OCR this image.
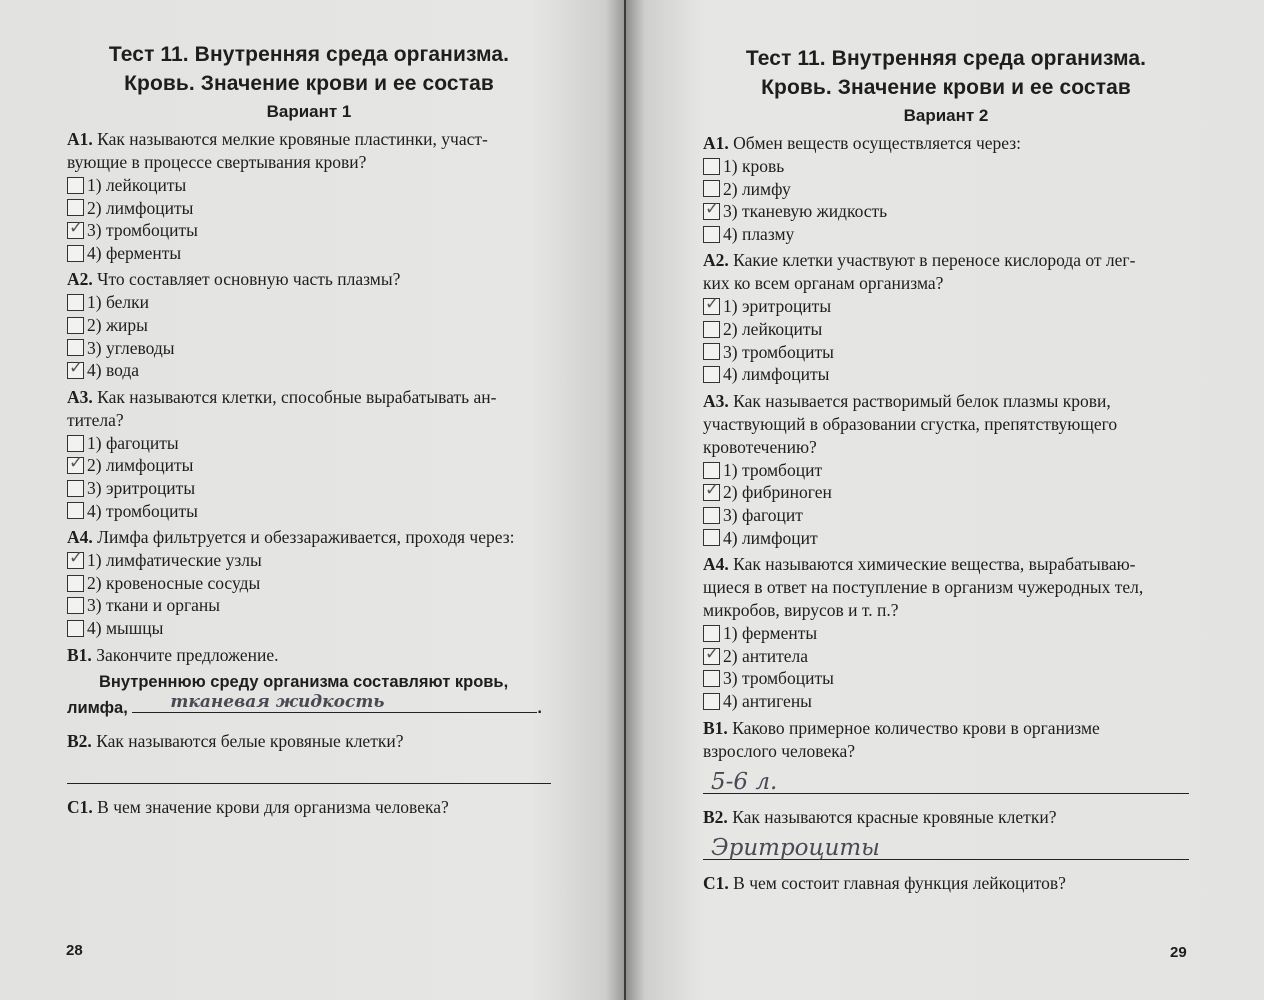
Тест 11. Внутренняя среда организма.
Кровь. Значение крови и ее состав
Вариант 1
А1. Как называются мелкие кровяные пластинки, участ-
вующие в процессе свертывания крови?
1) лейкоциты
2) лимфоциты
✓ 3) тромбоциты
4) ферменты
А2. Что составляет основную часть плазмы?
1) белки
2) жиры
3) углеводы
✓ 4) вода
А3. Как называются клетки, способные вырабатывать ан-
титела?
1) фагоциты
✓ 2) лимфоциты
3) эритроциты
4) тромбоциты
А4. Лимфа фильтруется и обеззараживается, проходя через:
✓ 1) лимфатические узлы
2) кровеносные сосуды
3) ткани и органы
4) мышцы
В1. Закончите предложение.
Внутреннюю среду организма составляют кровь, лимфа,	тканевая жидкость	.
В2. Как называются белые кровяные клетки?
С1. В чем значение крови для организма человека?
28
Тест 11. Внутренняя среда организма.
Кровь. Значение крови и ее состав
Вариант 2
А1. Обмен веществ осуществляется через:
1) кровь
2) лимфу
✓ 3) тканевую жидкость
4) плазму
А2. Какие клетки участвуют в переносе кислорода от лег-
ких ко всем органам организма?
✓ 1) эритроциты
2) лейкоциты
3) тромбоциты
4) лимфоциты
А3. Как называется растворимый белок плазмы крови,
участвующий в образовании сгустка, препятствующего
кровотечению?
1) тромбоцит
✓ 2) фибриноген
3) фагоцит
4) лимфоцит
А4. Как называются химические вещества, вырабатываю-
щиеся в ответ на поступление в организм чужеродных тел,
микробов, вирусов и т. п.?
1) ферменты
✓ 2) антитела
3) тромбоциты
4) антигены
В1. Каково примерное количество крови в организме
взрослого человека?
5-6 л.
В2. Как называются красные кровяные клетки?
Эритроциты
С1. В чем состоит главная функция лейкоцитов?
29
